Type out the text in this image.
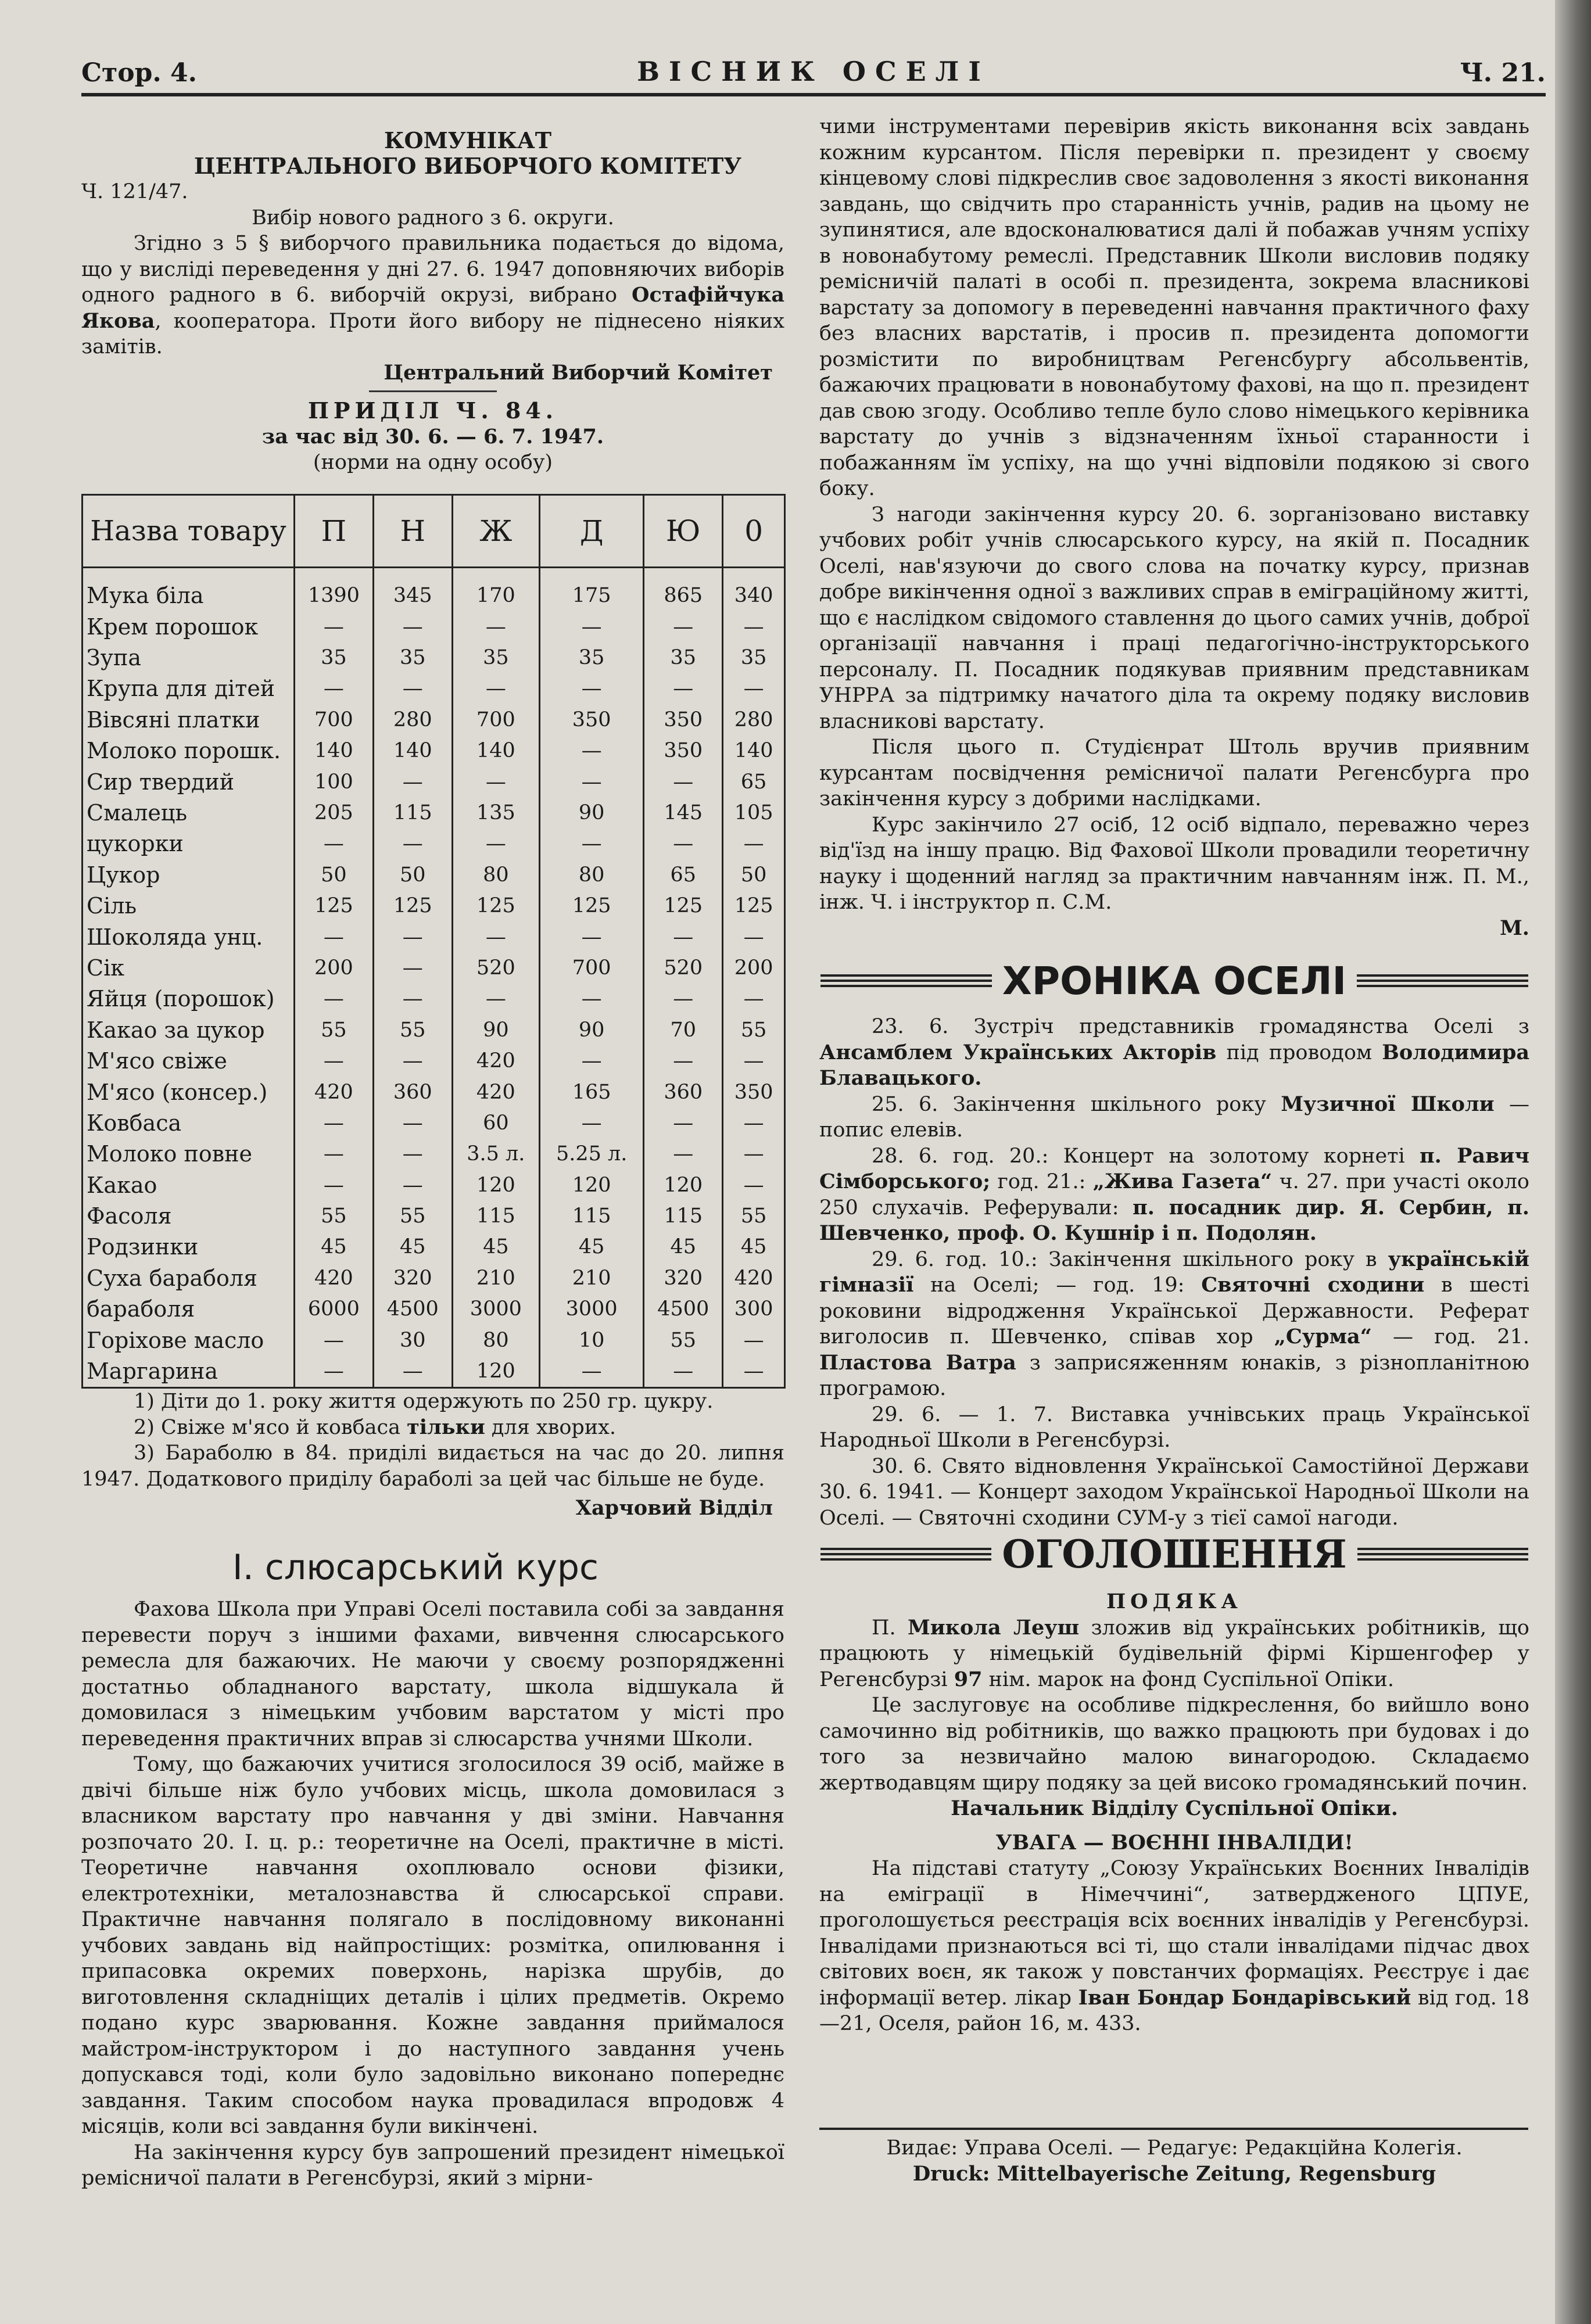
Стор. 4.	ВІСНИК ОСЕЛІ	Ч. 21.
КОМУНІКАТ
ЦЕНТРАЛЬНОГО ВИБОРЧОГО КОМІТЕТУ
Ч. 121/47.
Вибір нового радного з 6. округи.

Згідно з 5 § виборчого правильника подається до відома, що у висліді переведення у дні 27. 6. 1947 доповняючих виборів одного радного в 6. виборчій окрузі, вибрано Остафійчука Якова, кооператора. Проти його вибору не піднесено ніяких замітів.

Центральний Виборчий Комітет
ПРИДІЛ Ч. 84.
за час від 30. 6. — 6. 7. 1947.
(норми на одну особу)
Назва товару	П	Н	Ж	Д	Ю	0
Мука біла	1390	345	170	175	865	340
Крем порошок	—	—	—	—	—	—
Зупа	35	35	35	35	35	35
Крупа для дітей	—	—	—	—	—	—
Вівсяні платки	700	280	700	350	350	280
Молоко порошк.	140	140	140	—	350	140
Сир твердий	100	—	—	—	—	65
Смалець	205	115	135	90	145	105
цукорки	—	—	—	—	—	—
Цукор	50	50	80	80	65	50
Сіль	125	125	125	125	125	125
Шоколяда унц.	—	—	—	—	—	—
Сік	200	—	520	700	520	200
Яйця (порошок)	—	—	—	—	—	—
Какао за цукор	55	55	90	90	70	55
М'ясо свіже	—	—	420	—	—	—
М'ясо (консер.)	420	360	420	165	360	350
Ковбаса	—	—	60	—	—	—
Молоко повне	—	—	3.5 л.	5.25 л.	—	—
Какао	—	—	120	120	120	—
Фасоля	55	55	115	115	115	55
Родзинки	45	45	45	45	45	45
Суха бараболя	420	320	210	210	320	420
бараболя	6000	4500	3000	3000	4500	300
Горіхове масло	—	30	80	10	55	—
Маргарина	—	—	120	—	—	—

1) Діти до 1. року життя одержують по 250 гр. цукру.

2) Свіже м'ясо й ковбаса тільки для хворих.

3) Бараболю в 84. приділі видається на час до 20. липня 1947. Додаткового приділу бараболі за цей час більше не буде.

Харчовий Відділ
І. слюсарський курс

Фахова Школа при Управі Оселі поставила собі за завдання перевести поруч з іншими фахами, вивчення слюсарського ремесла для бажаючих. Не маючи у своєму розпорядженні достатньо обладнаного варстату, школа відшукала й домовилася з німецьким учбовим варстатом у місті про переведення практичних вправ зі слюсарства учнями Школи.

Тому, що бажаючих учитися зголосилося 39 осіб, майже в двічі більше ніж було учбових місць, школа домовилася з власником варстату про навчання у дві зміни. Навчання розпочато 20. І. ц. р.: теоретичне на Оселі, практичне в місті. Теоретичне навчання охоплювало основи фізики, електротехніки, металознавства й слюсарської справи. Практичне навчання полягало в послідовному виконанні учбових завдань від найпростіщих: розмітка, опилювання і припасовка окремих поверхонь, нарізка шрубів, до виготовлення складніщих деталів і цілих предметів. Окремо подано курс зварювання. Кожне завдання приймалося майстром-інструктором і до наступного завдання учень допускався тоді, коли було задовільно виконано попереднє завдання. Таким способом наука провадилася впродовж 4 місяців, коли всі завдання були викінчені.

На закінчення курсу був запрошений президент німецької ремісничої палати в Регенсбурзі, який з мірни-

чими інструментами перевірив якість виконання всіх завдань кожним курсантом. Після перевірки п. президент у своєму кінцевому слові підкреслив своє задоволення з якості виконання завдань, що свідчить про старанність учнів, радив на цьому не зупинятися, але вдосконалюватися далі й побажав учням успіху в новонабутому ремеслі. Представник Школи висловив подяку ремісничій палаті в особі п. президента, зокрема власникові варстату за допомогу в переведенні навчання практичного фаху без власних варстатів, і просив п. президента допомогти розмістити по виробництвам Регенсбургу абсольвентів, бажаючих працювати в новонабутому фахові, на що п. президент дав свою згоду. Особливо тепле було слово німецького керівника варстату до учнів з відзначенням їхньої старанности і побажанням їм успіху, на що учні відповіли подякою зі свого боку.

З нагоди закінчення курсу 20. 6. зорганізовано виставку учбових робіт учнів слюсарського курсу, на якій п. Посадник Оселі, нав'язуючи до свого слова на початку курсу, признав добре викінчення одної з важливих справ в еміграційному житті, що є наслідком свідомого ставлення до цього самих учнів, доброї організації навчання і праці педагогічно-інструкторського персоналу. П. Посадник подякував приявним представникам УНРРА за підтримку начатого діла та окрему подяку висловив власникові варстату.

Після цього п. Студієнрат Штоль вручив приявним курсантам посвідчення ремісничої палати Регенсбурга про закінчення курсу з добрими наслідками.

Курс закінчило 27 осіб, 12 осіб відпало, переважно через від'їзд на іншу працю. Від Фахової Школи провадили теоретичну науку і щоденний нагляд за практичним навчанням інж. П. М., інж. Ч. і інструктор п. С.М.

М.
ХРОНІКА ОСЕЛІ

23. 6. Зустріч представників громадянства Оселі з Ансамблем Українських Акторів під проводом Володимира Блавацького.

25. 6. Закінчення шкільного року Музичної Школи — попис елевів.

28. 6. год. 20.: Концерт на золотому корнеті п. Равич Сімборського; год. 21.: „Жива Газета“ ч. 27. при участі около 250 слухачів. Реферували: п. посадник дир. Я. Сербин, п. Шевченко, проф. О. Кушнір і п. Подолян.

29. 6. год. 10.: Закінчення шкільного року в українській гімназії на Оселі; — год. 19: Святочні сходини в шесті роковини відродження Української Державности. Реферат виголосив п. Шевченко, співав хор „Сурма“ — год. 21. Пластова Ватра з заприсяженням юнаків, з різнопланітною програмою.

29. 6. — 1. 7. Виставка учнівських праць Української Народньої Школи в Регенсбурзі.

30. 6. Свято відновлення Української Самостійної Держави 30. 6. 1941. — Концерт заходом Української Народньої Школи на Оселі. — Святочні сходини СУМ-у з тієї самої нагоди.

ОГОЛОШЕННЯ
ПОДЯКА

П. Микола Леуш зложив від українських робітників, що працюють у німецькій будівельній фірмі Кіршенгофер у Регенсбурзі 97 нім. марок на фонд Суспільної Опіки.

Це заслуговує на особливе підкреслення, бо вийшло воно самочинно від робітників, що важко працюють при будовах і до того за незвичайно малою винагородою. Складаємо жертводавцям щиру подяку за цей високо громадянський почин.

Начальник Відділу Суспільної Опіки.
УВАГА — ВОЄННІ ІНВАЛІДИ!

На підставі статуту „Союзу Українських Воєнних Інвалідів на еміграції в Німеччині“, затвердженого ЦПУЕ, проголошується реєстрація всіх воєнних інвалідів у Регенсбурзі. Інвалідами признаються всі ті, що стали інвалідами підчас двох світових воєн, як також у повстанчих формаціях. Реєструє і дає інформації ветер. лікар Іван Бондар Бондарівський від год. 18—21, Оселя, район 16, м. 433.

Видає: Управа Оселі. — Редагує: Редакційна Колегія.
Druck: Mittelbayerische Zeitung, Regensburg
